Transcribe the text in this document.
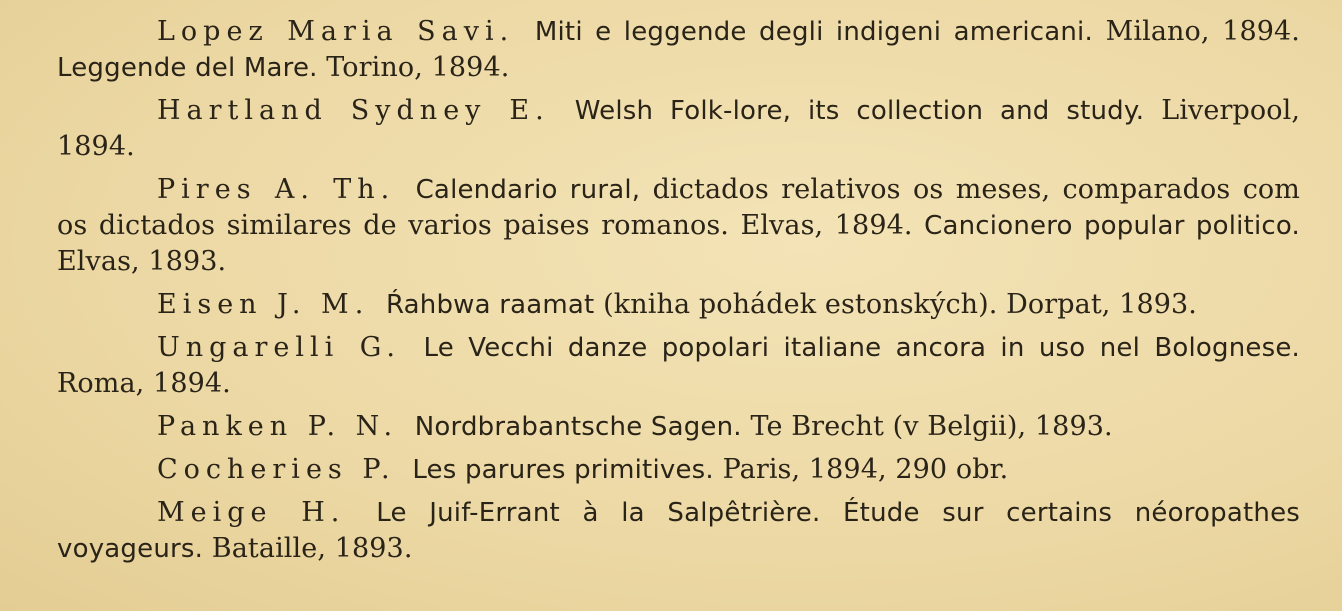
Lopez Maria Savi. Miti e leggende degli indigeni americani. Milano, 1894. Leggende del Mare. Torino, 1894.

Hartland Sydney E. Welsh Folk-lore, its collection and study. Liverpool, 1894.

Pires A. Th. Calendario rural, dictados relativos os meses, comparados com os dictados similares de varios paises romanos. Elvas, 1894. Cancionero popular politico. Elvas, 1893.

Eisen J. M. Ŕahbwa raamat (kniha pohádek estonských). Dorpat, 1893.

Ungarelli G. Le Vecchi danze popolari italiane ancora in uso nel Bolognese. Roma, 1894.

Panken P. N. Nordbrabantsche Sagen. Te Brecht (v Belgii), 1893.

Cocheries P. Les parures primitives. Paris, 1894, 290 obr.

Meige H. Le Juif-Errant à la Salpêtrière. Étude sur certains néoropathes voyageurs. Bataille, 1893.
